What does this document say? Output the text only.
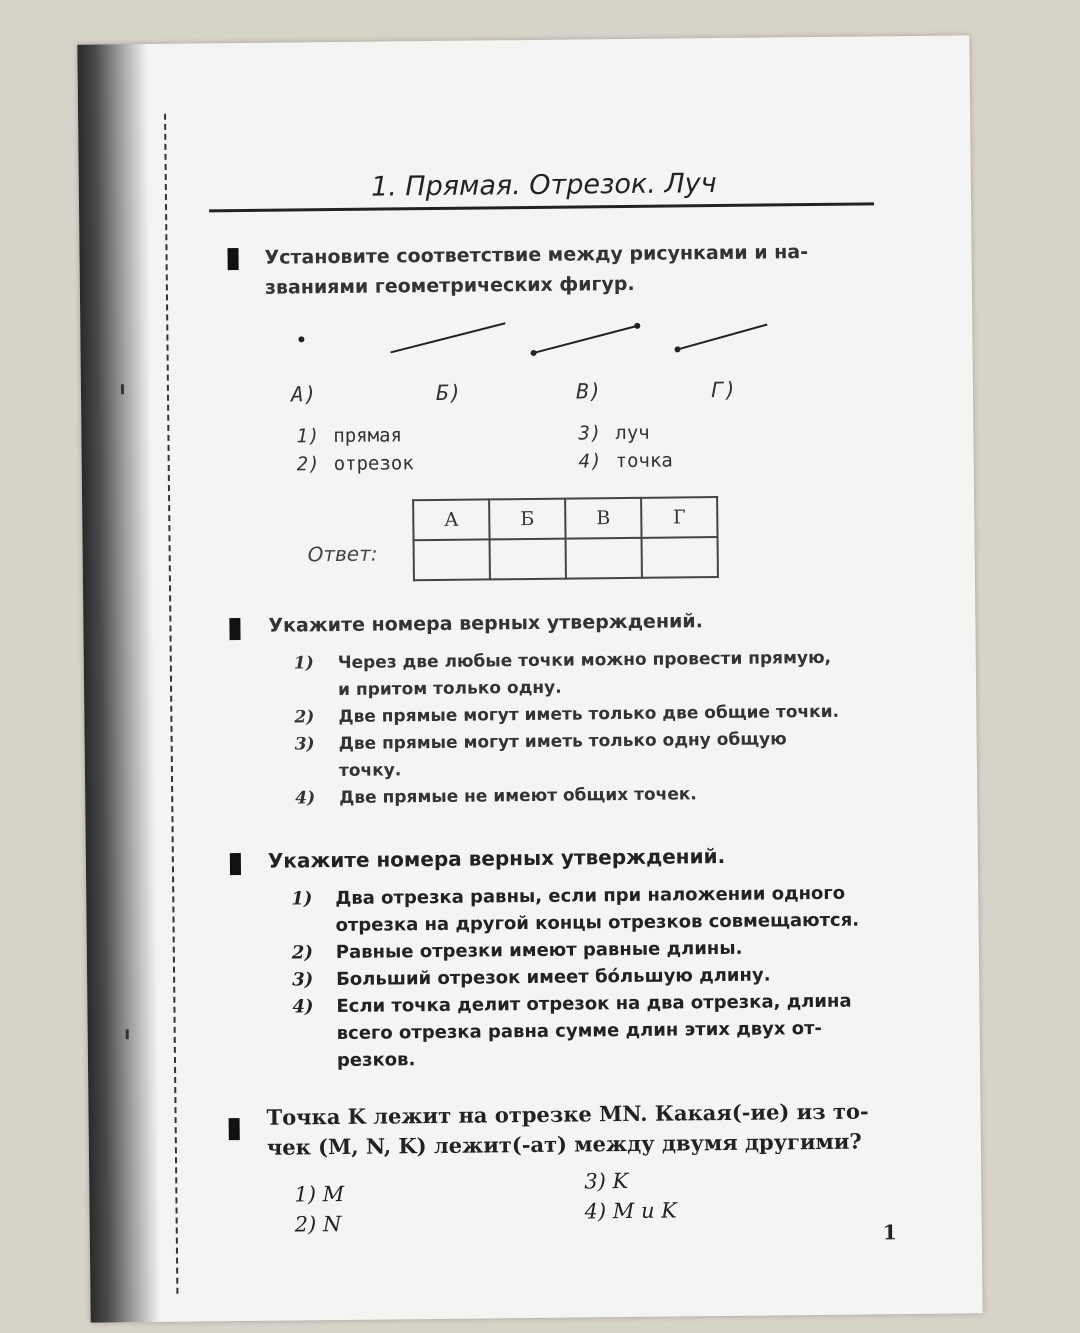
1. Прямая. Отрезок. Луч
Установите соответствие между рисунками и на-
званиями геометрических фигур.
А)	Б)	В)	Г)
1) прямая
2) отрезок
3) луч
4) точка
Ответ:
А	Б	В	Г

Укажите номера верных утверждений.
1) Через две любые точки можно провести прямую,
и притом только одну.
2) Две прямые могут иметь только две общие точки.
3) Две прямые могут иметь только одну общую
точку.
4) Две прямые не имеют общих точек.
Укажите номера верных утверждений.
1) Два отрезка равны, если при наложении одного
отрезка на другой концы отрезков совмещаются.
2) Равные отрезки имеют равные длины.
3) Больший отрезок имеет бóльшую длину.
4) Если точка делит отрезок на два отрезка, длина
всего отрезка равна сумме длин этих двух от-
резков.
Точка K лежит на отрезке MN. Какая(-ие) из то-
чек (M, N, K) лежит(-ат) между двумя другими?
1) M
2) N
3) K
4) M и K
1
